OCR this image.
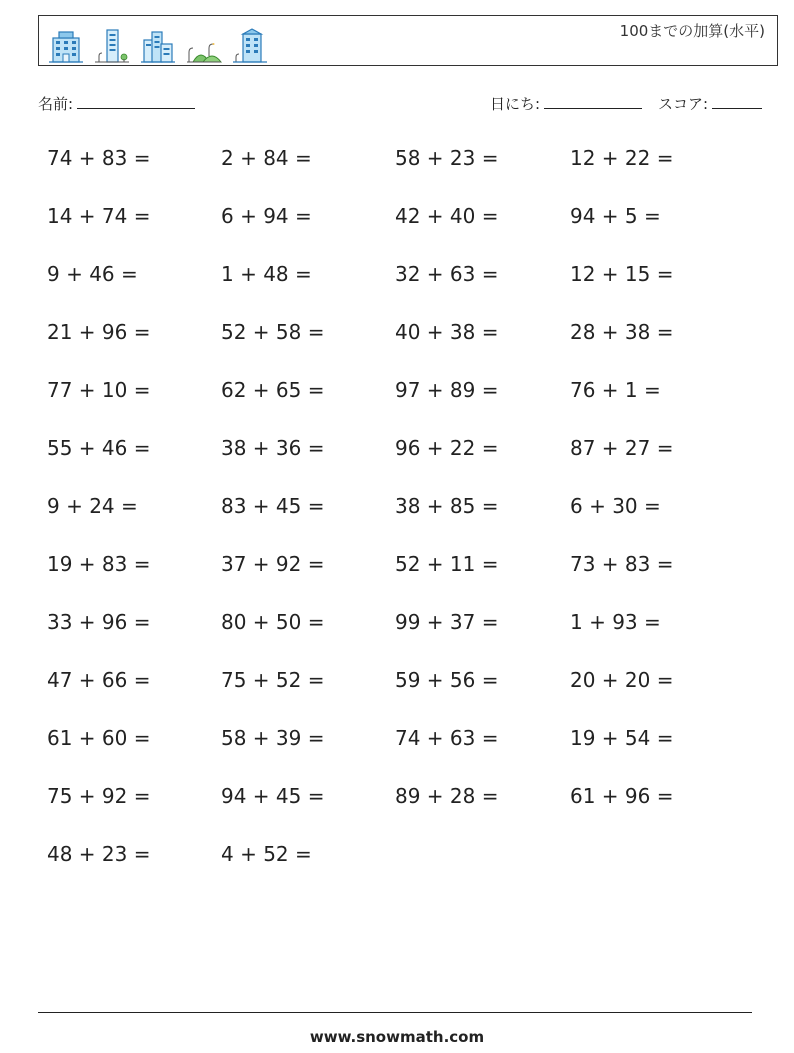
100までの加算(水平)
名前:	日にち:	スコア:
74 + 83 =	2 + 84 =	58 + 23 =	12 + 22 =
14 + 74 =	6 + 94 =	42 + 40 =	94 + 5 =
9 + 46 =	1 + 48 =	32 + 63 =	12 + 15 =
21 + 96 =	52 + 58 =	40 + 38 =	28 + 38 =
77 + 10 =	62 + 65 =	97 + 89 =	76 + 1 =
55 + 46 =	38 + 36 =	96 + 22 =	87 + 27 =
9 + 24 =	83 + 45 =	38 + 85 =	6 + 30 =
19 + 83 =	37 + 92 =	52 + 11 =	73 + 83 =
33 + 96 =	80 + 50 =	99 + 37 =	1 + 93 =
47 + 66 =	75 + 52 =	59 + 56 =	20 + 20 =
61 + 60 =	58 + 39 =	74 + 63 =	19 + 54 =
75 + 92 =	94 + 45 =	89 + 28 =	61 + 96 =
48 + 23 =	4 + 52 =
www.snowmath.com
